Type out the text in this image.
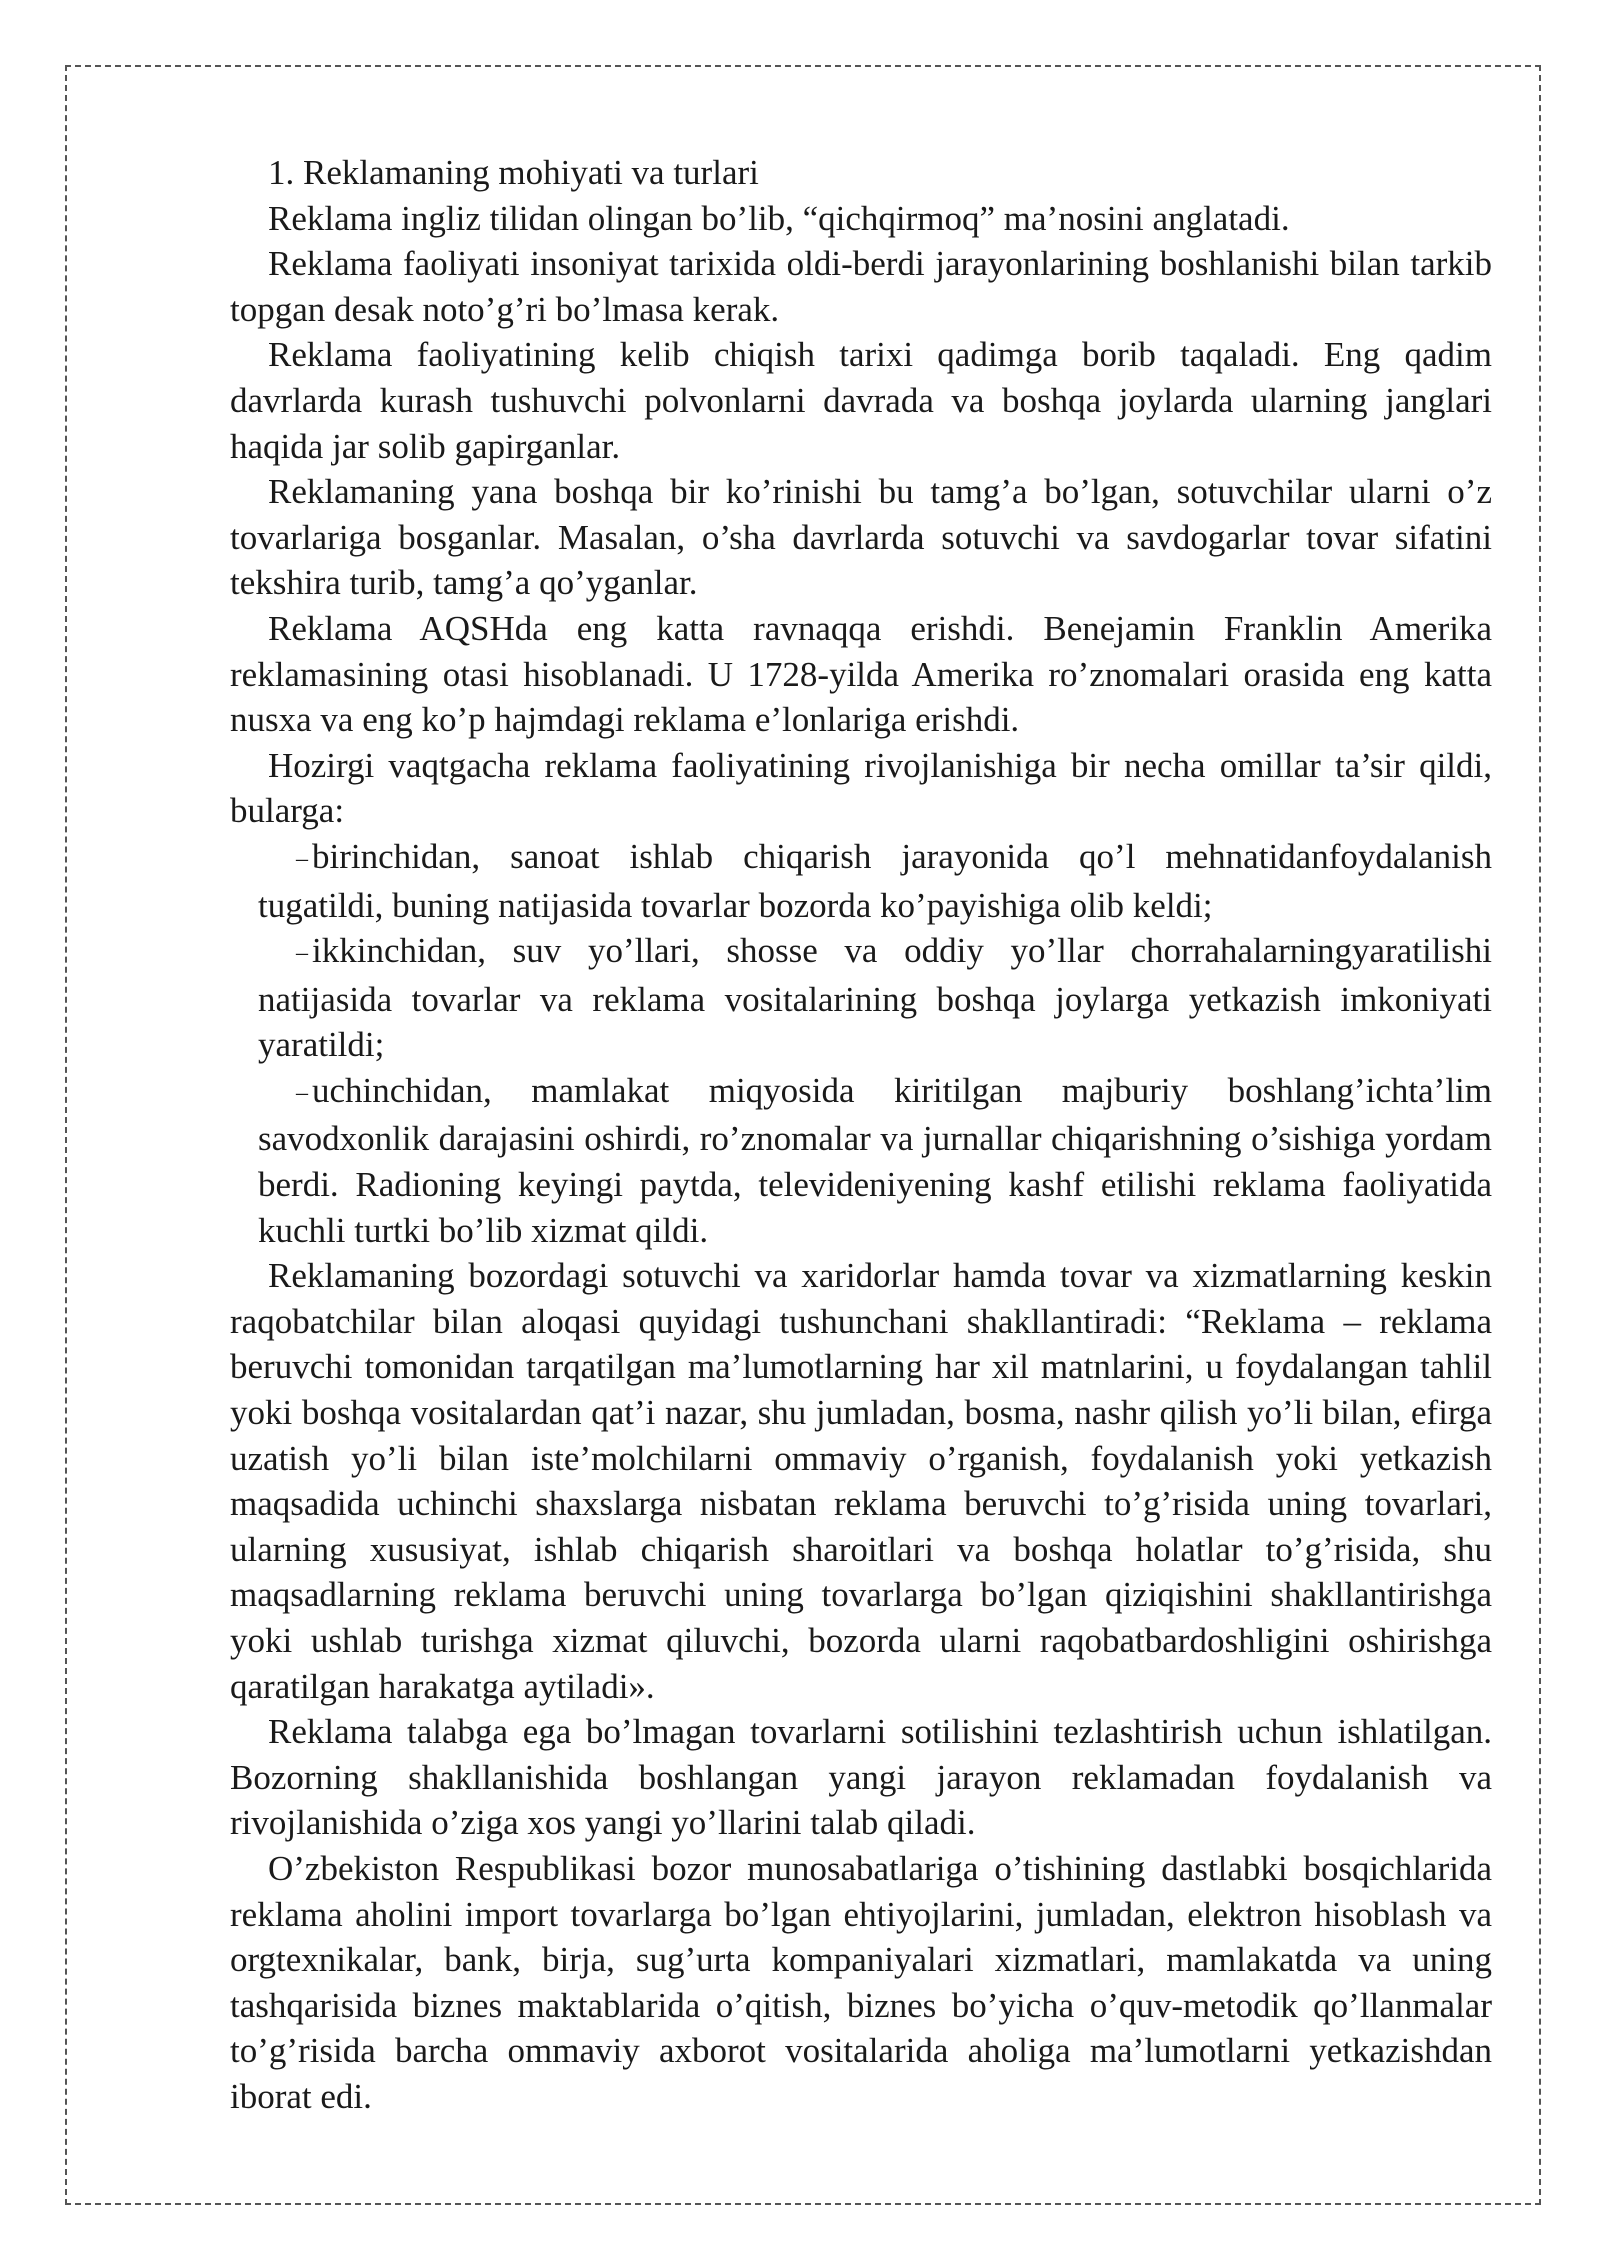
1. Reklamaning mohiyati va turlari

Reklama ingliz tilidan olingan bo’lib, “qichqirmoq” ma’nosini anglatadi.

Reklama faoliyati insoniyat tarixida oldi-berdi jarayonlarining boshlanishi bilan tarkib topgan desak noto’g’ri bo’lmasa kerak.

Reklama faoliyatining kelib chiqish tarixi qadimga borib taqaladi. Eng qadim davrlarda kurash tushuvchi polvonlarni davrada va boshqa joylarda ularning janglari haqida jar solib gapirganlar.

Reklamaning yana boshqa bir ko’rinishi bu tamg’a bo’lgan, sotuvchilar ularni o’z tovarlariga bosganlar. Masalan, o’sha davrlarda sotuvchi va savdogarlar tovar sifatini tekshira turib, tamg’a qo’yganlar.

Reklama AQSHda eng katta ravnaqqa erishdi. Benejamin Franklin Amerika reklamasining otasi hisoblanadi. U 1728-yilda Amerika ro’znomalari orasida eng katta nusxa va eng ko’p hajmdagi reklama e’lonlariga erishdi.

Hozirgi vaqtgacha reklama faoliyatining rivojlanishiga bir necha omillar ta’sir qildi, bularga:

– birinchidan, sanoat ishlab chiqarish jarayonida qo’l mehnatidanfoydalanish tugatildi, buning natijasida tovarlar bozorda ko’payishiga olib keldi;

– ikkinchidan, suv yo’llari, shosse va oddiy yo’llar chorrahalarningyaratilishi natijasida tovarlar va reklama vositalarining boshqa joylarga yetkazish imkoniyati yaratildi;

– uchinchidan, mamlakat miqyosida kiritilgan majburiy boshlang’ichta’lim savodxonlik darajasini oshirdi, ro’znomalar va jurnallar chiqarishning o’sishiga yordam berdi. Radioning keyingi paytda, televideniyening kashf etilishi reklama faoliyatida kuchli turtki bo’lib xizmat qildi.

Reklamaning bozordagi sotuvchi va xaridorlar hamda tovar va xizmatlarning keskin raqobatchilar bilan aloqasi quyidagi tushunchani shakllantiradi: “Reklama – reklama beruvchi tomonidan tarqatilgan ma’lumotlarning har xil matnlarini, u foydalangan tahlil yoki boshqa vositalardan qat’i nazar, shu jumladan, bosma, nashr qilish yo’li bilan, efirga uzatish yo’li bilan iste’molchilarni ommaviy o’rganish, foydalanish yoki yetkazish maqsadida uchinchi shaxslarga nisbatan reklama beruvchi to’g’risida uning tovarlari, ularning xususiyat, ishlab chiqarish sharoitlari va boshqa holatlar to’g’risida, shu maqsadlarning reklama beruvchi uning tovarlarga bo’lgan qiziqishini shakllantirishga yoki ushlab turishga xizmat qiluvchi, bozorda ularni raqobatbardoshligini oshirishga qaratilgan harakatga aytiladi».

Reklama talabga ega bo’lmagan tovarlarni sotilishini tezlashtirish uchun ishlatilgan. Bozorning shakllanishida boshlangan yangi jarayon reklamadan foydalanish va rivojlanishida o’ziga xos yangi yo’llarini talab qiladi.

O’zbekiston Respublikasi bozor munosabatlariga o’tishining dastlabki bosqichlarida reklama aholini import tovarlarga bo’lgan ehtiyojlarini, jumladan, elektron hisoblash va orgtexnikalar, bank, birja, sug’urta kompaniyalari xizmatlari, mamlakatda va uning tashqarisida biznes maktablarida o’qitish, biznes bo’yicha o’quv-metodik qo’llanmalar to’g’risida barcha ommaviy axborot vositalarida aholiga ma’lumotlarni yetkazishdan iborat edi.
